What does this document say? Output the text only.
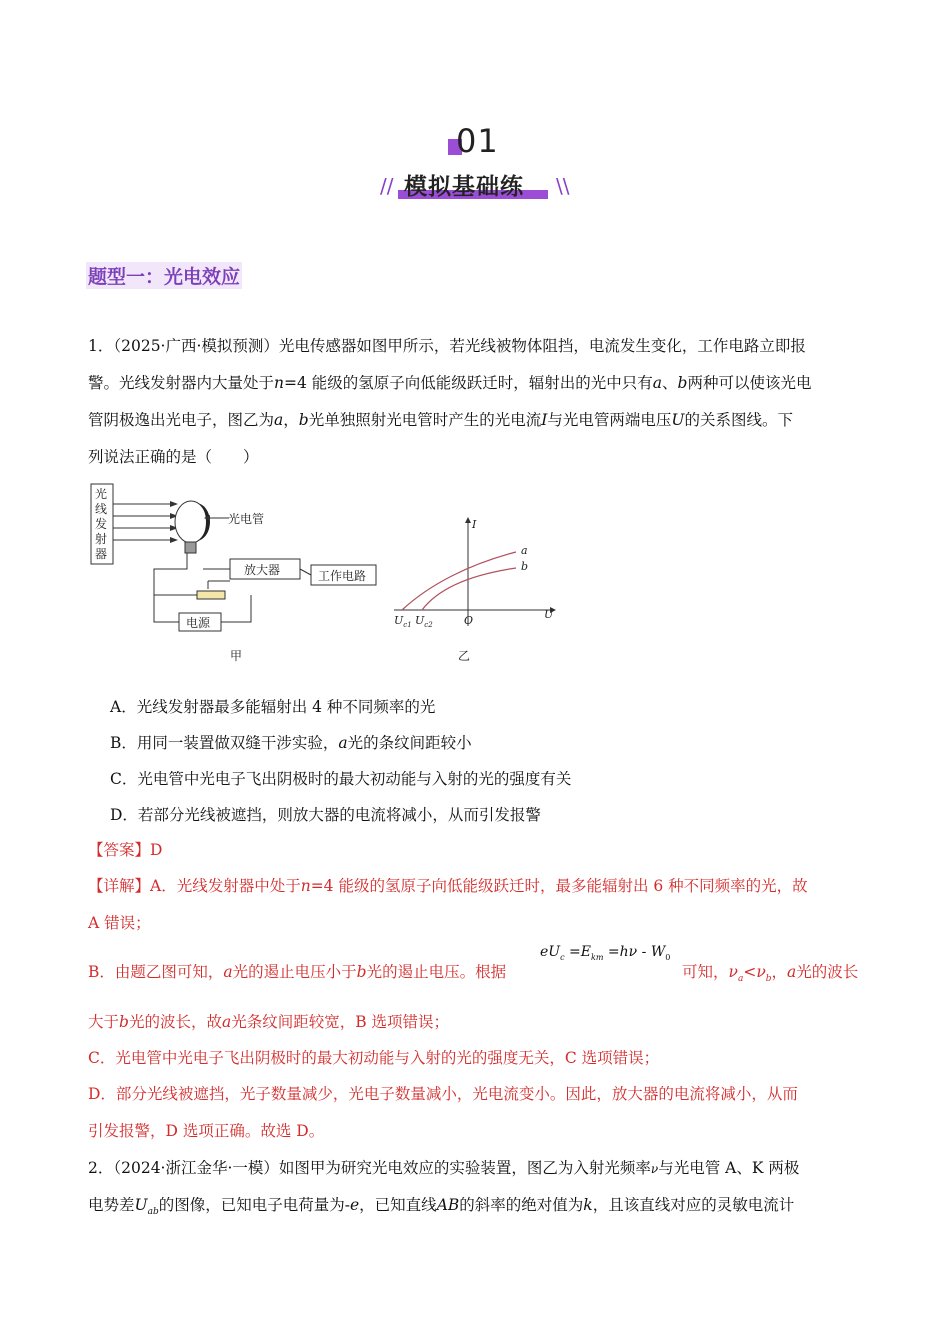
01
// 模拟基础练 \\
题型一：光电效应
1．（2025·广西·模拟预测）光电传感器如图甲所示，若光线被物体阻挡，电流发生变化，工作电路立即报
警。光线发射器内大量处于n=4 能级的氢原子向低能级跃迁时，辐射出的光中只有a、b两种可以使该光电
管阴极逸出光电子，图乙为a，b光单独照射光电管时产生的光电流I与光电管两端电压U的关系图线。下
列说法正确的是（　　）
光
线
发
射
器
光电管
放大器	工作电路
电源
甲
I
U
O
$U_{c1}$ $U_{c2}$
a
b
乙
A．光线发射器最多能辐射出 4 种不同频率的光
B．用同一装置做双缝干涉实验，a光的条纹间距较小
C．光电管中光电子飞出阴极时的最大初动能与入射的光的强度有关
D．若部分光线被遮挡，则放大器的电流将减小，从而引发报警
【答案】D
【详解】A．光线发射器中处于n=4 能级的氢原子向低能级跃迁时，最多能辐射出 6 种不同频率的光，故
A 错误；
$eU_c =E_{km} =h\nu - W_0$
B．由题乙图可知，a光的遏止电压小于b光的遏止电压。根据	可知，$\nu_a<\nu_b$，a光的波长
大于b光的波长，故a光条纹间距较宽，B 选项错误；
C．光电管中光电子飞出阴极时的最大初动能与入射的光的强度无关，C 选项错误；
D．部分光线被遮挡，光子数量减少，光电子数量减小，光电流变小。因此，放大器的电流将减小，从而
引发报警，D 选项正确。故选 D。
2．（2024·浙江金华·一模）如图甲为研究光电效应的实验装置，图乙为入射光频率ν与光电管 A、K 两极
电势差$U_{ab}$的图像，已知电子电荷量为-e，已知直线AB的斜率的绝对值为k，且该直线对应的灵敏电流计
